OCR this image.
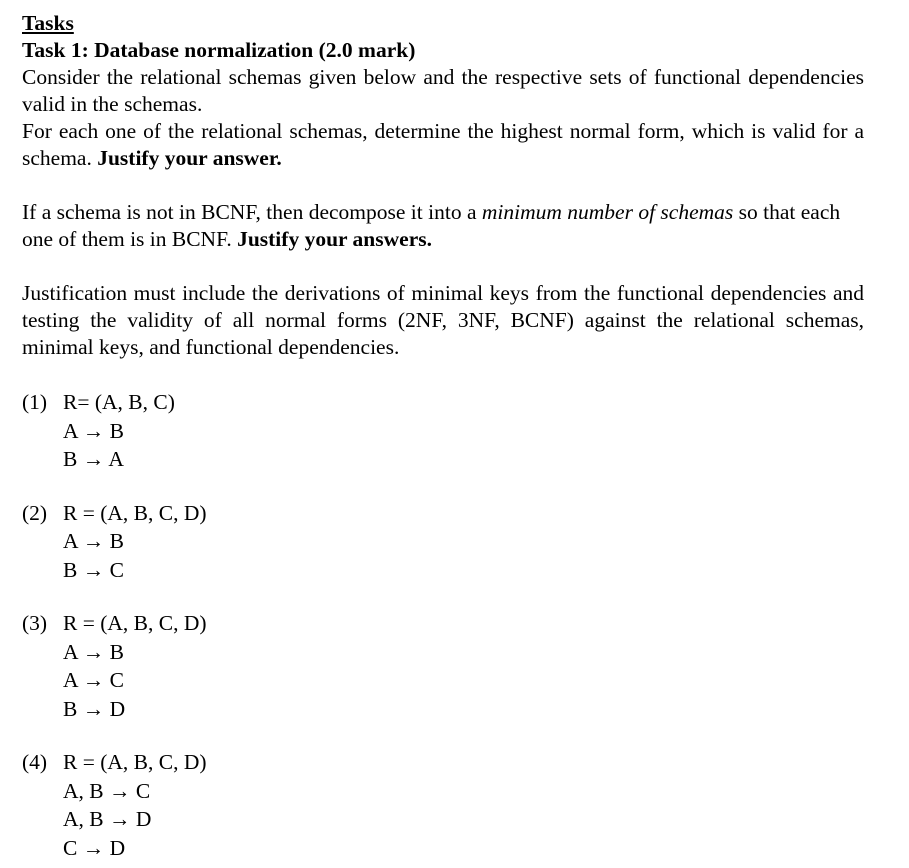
Tasks

Task 1: Database normalization (2.0 mark)

Consider the relational schemas given below and the respective sets of functional dependencies valid in the schemas.

For each one of the relational schemas, determine the highest normal form, which is valid for a schema. Justify your answer.

If a schema is not in BCNF, then decompose it into a minimum number of schemas so that each one of them is in BCNF. Justify your answers.

Justification must include the derivations of minimal keys from the functional dependencies and testing the validity of all normal forms (2NF, 3NF, BCNF) against the relational schemas, minimal keys, and functional dependencies.

(1) R= (A, B, C)
A → B
B → A
(2) R = (A, B, C, D)
A → B
B → C
(3) R = (A, B, C, D)
A → B
A → C
B → D
(4) R = (A, B, C, D)
A, B → C
A, B → D
C → D
